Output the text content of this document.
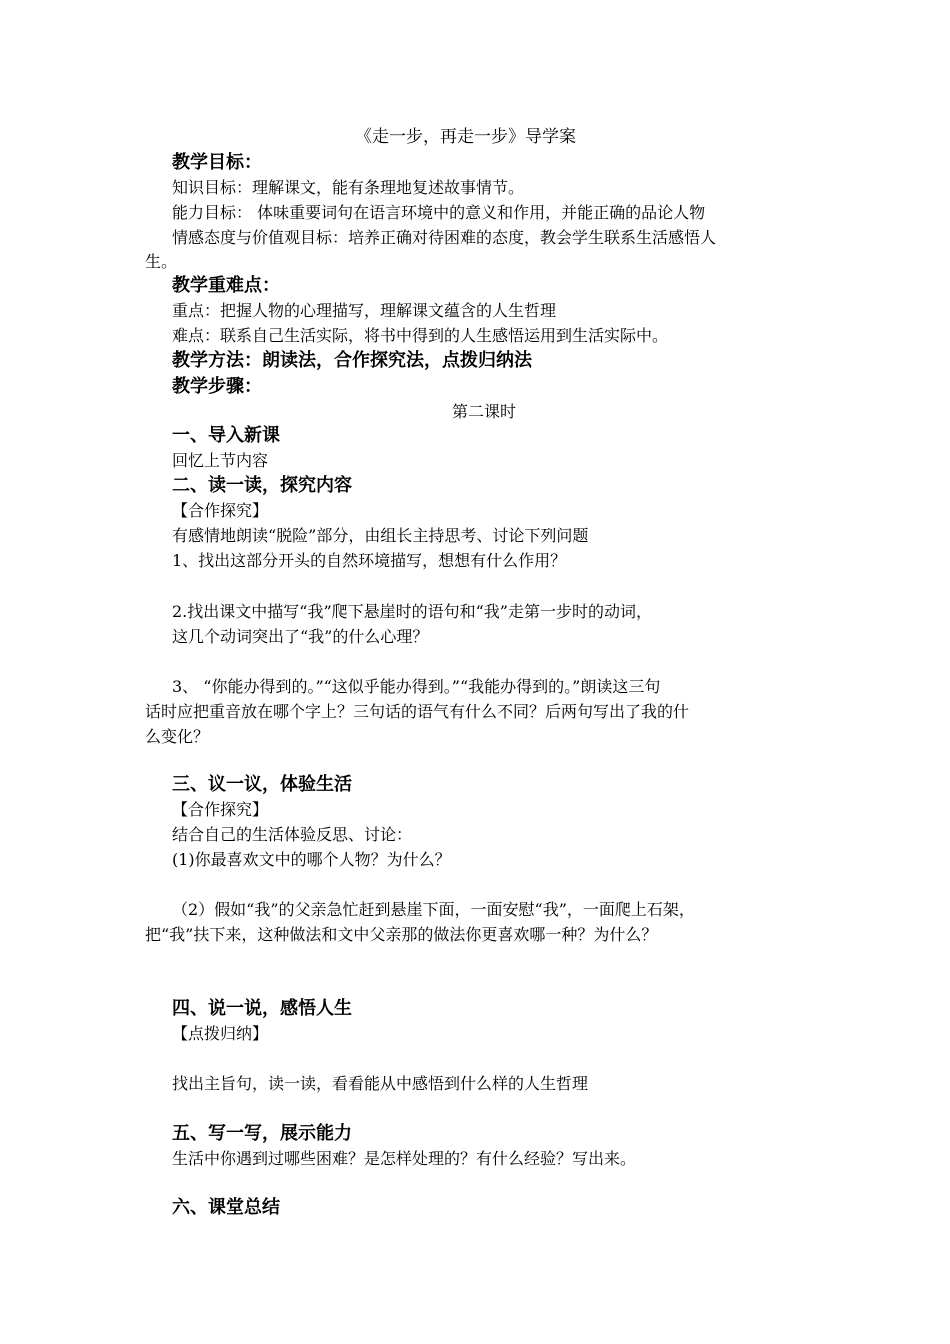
《走一步，再走一步》导学案

教学目标：

知识目标：理解课文，能有条理地复述故事情节。

能力目标： 体味重要词句在语言环境中的意义和作用，并能正确的品论人物

情感态度与价值观目标：培养正确对待困难的态度，教会学生联系生活感悟人

生。

教学重难点：

重点：把握人物的心理描写，理解课文蕴含的人生哲理

难点：联系自己生活实际，将书中得到的人生感悟运用到生活实际中。

教学方法：朗读法，合作探究法，点拨归纳法

教学步骤：

第二课时

一、导入新课

回忆上节内容

二、读一读，探究内容

【合作探究】

有感情地朗读“脱险”部分，由组长主持思考、讨论下列问题

1、找出这部分开头的自然环境描写，想想有什么作用？

2.找出课文中描写“我”爬下悬崖时的语句和“我”走第一步时的动词，

这几个动词突出了“我”的什么心理？

3、 “你能办得到的。”“这似乎能办得到。”“我能办得到的。”朗读这三句

话时应把重音放在哪个字上？三句话的语气有什么不同？后两句写出了我的什

么变化？

三、议一议，体验生活

【合作探究】

结合自己的生活体验反思、讨论：

(1)你最喜欢文中的哪个人物？为什么？

（2）假如“我”的父亲急忙赶到悬崖下面，一面安慰“我”，一面爬上石架，

把“我”扶下来，这种做法和文中父亲那的做法你更喜欢哪一种？为什么？

四、说一说，感悟人生

【点拨归纳】

找出主旨句，读一读，看看能从中感悟到什么样的人生哲理

五、写一写，展示能力

生活中你遇到过哪些困难？是怎样处理的？有什么经验？写出来。

六、课堂总结
